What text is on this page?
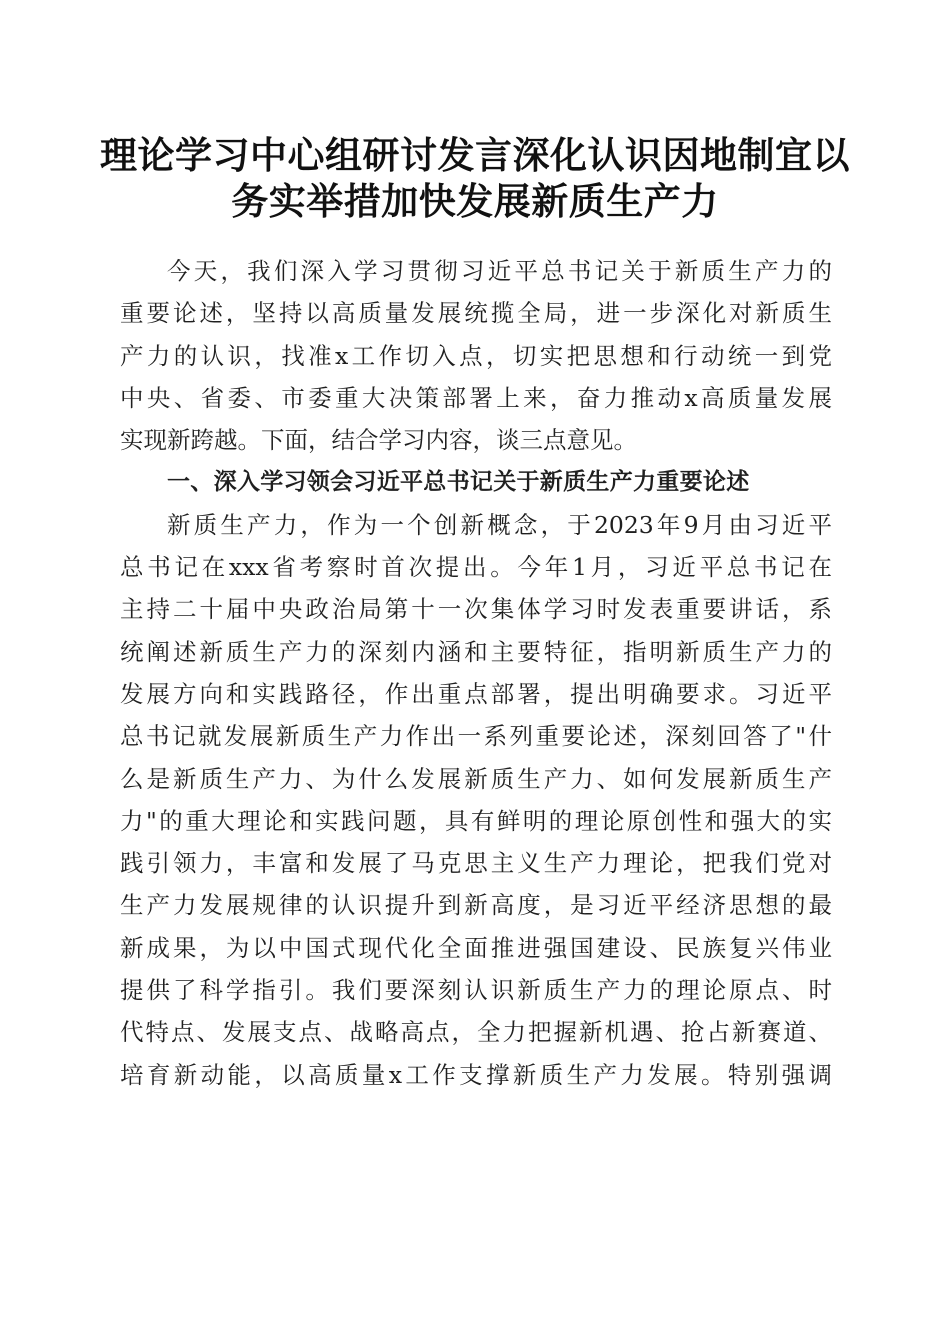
理论学习中心组研讨发言深化认识因地制宜以
务实举措加快发展新质生产力
今天，我们深入学习贯彻习近平总书记关于新质生产力的
重要论述，坚持以高质量发展统揽全局，进一步深化对新质生
产力的认识，找准x工作切入点，切实把思想和行动统一到党
中央、省委、市委重大决策部署上来，奋力推动x高质量发展
实现新跨越。下面，结合学习内容，谈三点意见。
一、深入学习领会习近平总书记关于新质生产力重要论述
新质生产力，作为一个创新概念，于2023年9月由习近平
总书记在xxx省考察时首次提出。今年1月，习近平总书记在
主持二十届中央政治局第十一次集体学习时发表重要讲话，系
统阐述新质生产力的深刻内涵和主要特征，指明新质生产力的
发展方向和实践路径，作出重点部署，提出明确要求。习近平
总书记就发展新质生产力作出一系列重要论述，深刻回答了"什
么是新质生产力、为什么发展新质生产力、如何发展新质生产
力"的重大理论和实践问题，具有鲜明的理论原创性和强大的实
践引领力，丰富和发展了马克思主义生产力理论，把我们党对
生产力发展规律的认识提升到新高度，是习近平经济思想的最
新成果，为以中国式现代化全面推进强国建设、民族复兴伟业
提供了科学指引。我们要深刻认识新质生产力的理论原点、时
代特点、发展支点、战略高点，全力把握新机遇、抢占新赛道、
培育新动能，以高质量x工作支撑新质生产力发展。特别强调
